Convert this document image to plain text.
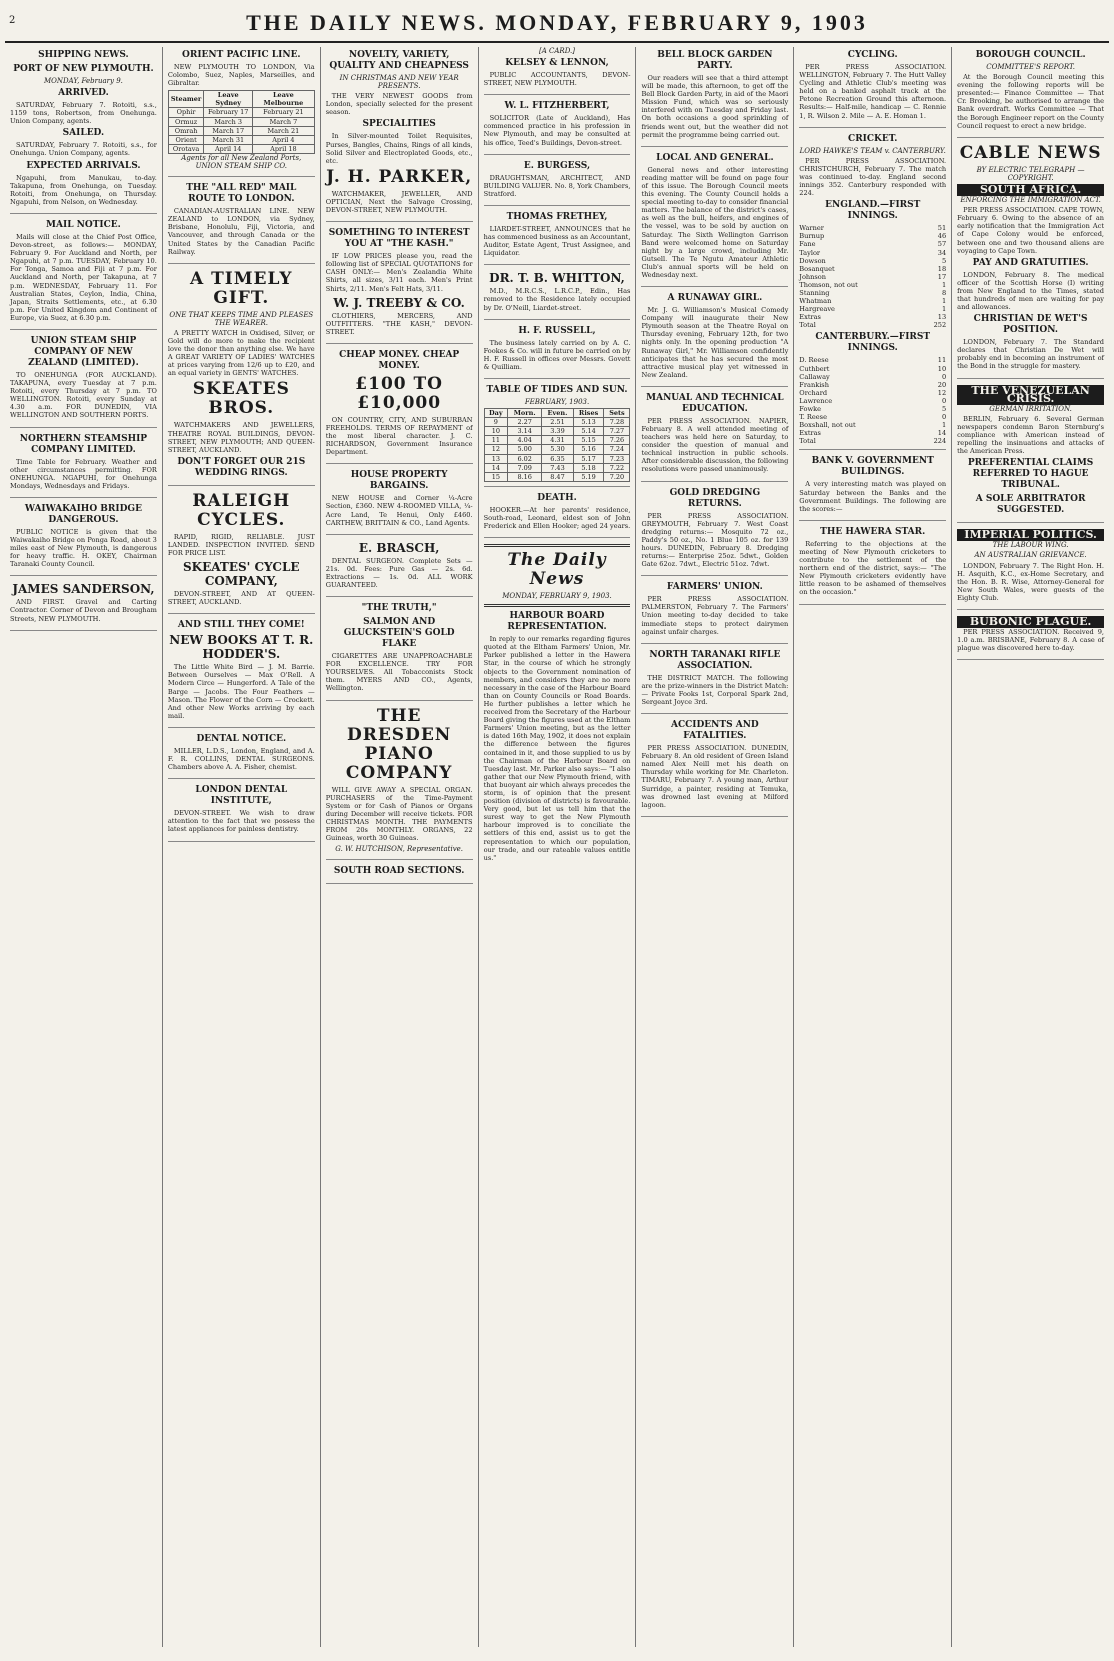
2	THE DAILY NEWS. MONDAY, FEBRUARY 9, 1903
SHIPPING NEWS.
PORT OF NEW PLYMOUTH.
MONDAY, February 9.
ARRIVED.

SATURDAY, February 7. Rotoiti, s.s., 1159 tons, Robertson, from Onehunga. Union Company, agents.

SAILED.

SATURDAY, February 7. Rotoiti, s.s., for Onehunga. Union Company, agents.

EXPECTED ARRIVALS.

Ngapuhi, from Manukau, to-day. Takapuna, from Onehunga, on Tuesday. Rotoiti, from Onehunga, on Thursday. Ngapuhi, from Nelson, on Wednesday.

MAIL NOTICE.

Mails will close at the Chief Post Office, Devon-street, as follows:— MONDAY, February 9. For Auckland and North, per Ngapuhi, at 7 p.m. TUESDAY, February 10. For Tonga, Samoa and Fiji at 7 p.m. For Auckland and North, per Takapuna, at 7 p.m. WEDNESDAY, February 11. For Australian States, Ceylon, India, China, Japan, Straits Settlements, etc., at 6.30 p.m. For United Kingdom and Continent of Europe, via Suez, at 6.30 p.m.

UNION STEAM SHIP COMPANY OF NEW ZEALAND (LIMITED).

TO ONEHUNGA (FOR AUCKLAND). TAKAPUNA, every Tuesday at 7 p.m. Rotoiti, every Thursday at 7 p.m. TO WELLINGTON. Rotoiti, every Sunday at 4.30 a.m. FOR DUNEDIN, VIA WELLINGTON AND SOUTHERN PORTS.

NORTHERN STEAMSHIP COMPANY LIMITED.

Time Table for February. Weather and other circumstances permitting. FOR ONEHUNGA. NGAPUHI, for Onehunga Mondays, Wednesdays and Fridays.

WAIWAKAIHO BRIDGE DANGEROUS.

PUBLIC NOTICE is given that the Waiwakaiho Bridge on Ponga Road, about 3 miles east of New Plymouth, is dangerous for heavy traffic. H. OKEY, Chairman Taranaki County Council.

JAMES SANDERSON,

AND FIRST. Gravel and Carting Contractor. Corner of Devon and Brougham Streets, NEW PLYMOUTH.

ORIENT PACIFIC LINE.

NEW PLYMOUTH TO LONDON, Via Colombo, Suez, Naples, Marseilles, and Gibraltar.

Steamer	Leave Sydney	Leave Melbourne
Ophir	February 17	February 21
Ormuz	March 3	March 7
Omrah	March 17	March 21
Orient	March 31	April 4
Orotava	April 14	April 18
Agents for all New Zealand Ports, UNION STEAM SHIP CO.
THE "ALL RED" MAIL ROUTE TO LONDON.

CANADIAN-AUSTRALIAN LINE. NEW ZEALAND to LONDON, via Sydney, Brisbane, Honolulu, Fiji, Victoria, and Vancouver, and through Canada or the United States by the Canadian Pacific Railway.

A TIMELY GIFT.
ONE THAT KEEPS TIME AND PLEASES THE WEARER.

A PRETTY WATCH in Oxidised, Silver, or Gold will do more to make the recipient love the donor than anything else. We have A GREAT VARIETY OF LADIES' WATCHES at prices varying from 12/6 up to £20, and an equal variety in GENTS' WATCHES.

SKEATES BROS.

WATCHMAKERS AND JEWELLERS, THEATRE ROYAL BUILDINGS, DEVON-STREET, NEW PLYMOUTH; AND QUEEN-STREET, AUCKLAND.

DON'T FORGET OUR 21S WEDDING RINGS.
RALEIGH CYCLES.

RAPID, RIGID, RELIABLE. JUST LANDED. INSPECTION INVITED. SEND FOR PRICE LIST.

SKEATES' CYCLE COMPANY,

DEVON-STREET, AND AT QUEEN-STREET, AUCKLAND.

AND STILL THEY COME!
NEW BOOKS AT T. R. HODDER'S.

The Little White Bird — J. M. Barrie. Between Ourselves — Max O'Rell. A Modern Circe — Hungerford. A Tale of the Barge — Jacobs. The Four Feathers — Mason. The Flower of the Corn — Crockett. And other New Works arriving by each mail.

DENTAL NOTICE.

MILLER, L.D.S., London, England, and A. F. R. COLLINS, DENTAL SURGEONS. Chambers above A. A. Fisher, chemist.

LONDON DENTAL INSTITUTE,

DEVON-STREET. We wish to draw attention to the fact that we possess the latest appliances for painless dentistry.

NOVELTY, VARIETY, QUALITY AND CHEAPNESS
IN CHRISTMAS AND NEW YEAR PRESENTS.

THE VERY NEWEST GOODS from London, specially selected for the present season.

SPECIALITIES

In Silver-mounted Toilet Requisites, Purses, Bangles, Chains, Rings of all kinds, Solid Silver and Electroplated Goods, etc., etc.

J. H. PARKER,

WATCHMAKER, JEWELLER, AND OPTICIAN, Next the Salvage Crossing, DEVON-STREET, NEW PLYMOUTH.

SOMETHING TO INTEREST YOU AT "THE KASH."

IF LOW PRICES please you, read the following list of SPECIAL QUOTATIONS for CASH ONLY:— Men's Zealandia White Shirts, all sizes, 3/11 each. Men's Print Shirts, 2/11. Men's Felt Hats, 3/11.

W. J. TREEBY & CO.

CLOTHIERS, MERCERS, AND OUTFITTERS. "THE KASH," DEVON-STREET.

CHEAP MONEY. CHEAP MONEY.
£100 TO £10,000

ON COUNTRY, CITY, AND SUBURBAN FREEHOLDS. TERMS OF REPAYMENT of the most liberal character. J. C. RICHARDSON, Government Insurance Department.

HOUSE PROPERTY BARGAINS.

NEW HOUSE and Corner ¼-Acre Section, £360. NEW 4-ROOMED VILLA, ¼-Acre Land, Te Henui, Only £460. CARTHEW, BRITTAIN & CO., Land Agents.

E. BRASCH,

DENTAL SURGEON. Complete Sets — 21s. 0d. Fees: Pure Gas — 2s. 6d. Extractions — 1s. 0d. ALL WORK GUARANTEED.

"THE TRUTH,"
SALMON AND GLUCKSTEIN'S GOLD FLAKE

CIGARETTES ARE UNAPPROACHABLE FOR EXCELLENCE. TRY FOR YOURSELVES. All Tobacconists Stock them. MYERS AND CO., Agents, Wellington.

THE DRESDEN PIANO COMPANY

WILL GIVE AWAY A SPECIAL ORGAN. PURCHASERS of the Time-Payment System or for Cash of Pianos or Organs during December will receive tickets. FOR CHRISTMAS MONTH. THE PAYMENTS FROM 20s MONTHLY. ORGANS, 22 Guineas, worth 30 Guineas.

G. W. HUTCHISON, Representative.
SOUTH ROAD SECTIONS.
[A CARD.]
KELSEY & LENNON,

PUBLIC ACCOUNTANTS, DEVON-STREET, NEW PLYMOUTH.

W. L. FITZHERBERT,

SOLICITOR (Late of Auckland), Has commenced practice in his profession in New Plymouth, and may be consulted at his office, Teed's Buildings, Devon-street.

E. BURGESS,

DRAUGHTSMAN, ARCHITECT, AND BUILDING VALUER. No. 8, York Chambers, Stratford.

THOMAS FRETHEY,

LIARDET-STREET, ANNOUNCES that he has commenced business as an Accountant, Auditor, Estate Agent, Trust Assignee, and Liquidator.

DR. T. B. WHITTON,

M.D., M.R.C.S., L.R.C.P., Edin., Has removed to the Residence lately occupied by Dr. O'Neill, Liardet-street.

H. F. RUSSELL,

The business lately carried on by A. C. Fookes & Co. will in future be carried on by H. F. Russell in offices over Messrs. Govett & Quilliam.

TABLE OF TIDES AND SUN.
FEBRUARY, 1903.
Day	Morn.	Even.	Rises	Sets
9	2.27	2.51	5.13	7.28
10	3.14	3.39	5.14	7.27
11	4.04	4.31	5.15	7.26
12	5.00	5.30	5.16	7.24
13	6.02	6.35	5.17	7.23
14	7.09	7.43	5.18	7.22
15	8.16	8.47	5.19	7.20
DEATH.

HOOKER.—At her parents' residence, South-road, Leonard, eldest son of John Frederick and Ellen Hooker; aged 24 years.

The Daily News
MONDAY, FEBRUARY 9, 1903.
HARBOUR BOARD REPRESENTATION.

In reply to our remarks regarding figures quoted at the Eltham Farmers' Union, Mr. Parker published a letter in the Hawera Star, in the course of which he strongly objects to the Government nomination of members, and considers they are no more necessary in the case of the Harbour Board than on County Councils or Road Boards. He further publishes a letter which he received from the Secretary of the Harbour Board giving the figures used at the Eltham Farmers' Union meeting, but as the letter is dated 16th May, 1902, it does not explain the difference between the figures contained in it, and those supplied to us by the Chairman of the Harbour Board on Tuesday last. Mr. Parker also says:— "I also gather that our New Plymouth friend, with that buoyant air which always precedes the storm, is of opinion that the present position (division of districts) is favourable. Very good, but let us tell him that the surest way to get the New Plymouth harbour improved is to conciliate the settlers of this end, assist us to get the representation to which our population, our trade, and our rateable values entitle us."

BELL BLOCK GARDEN PARTY.

Our readers will see that a third attempt will be made, this afternoon, to get off the Bell Block Garden Party, in aid of the Maori Mission Fund, which was so seriously interfered with on Tuesday and Friday last. On both occasions a good sprinkling of friends went out, but the weather did not permit the programme being carried out.

LOCAL AND GENERAL.

General news and other interesting reading matter will be found on page four of this issue. The Borough Council meets this evening. The County Council holds a special meeting to-day to consider financial matters. The balance of the district's cases, as well as the bull, heifers, and engines of the vessel, was to be sold by auction on Saturday. The Sixth Wellington Garrison Band were welcomed home on Saturday night by a large crowd, including Mr. Gutsell. The Te Ngutu Amateur Athletic Club's annual sports will be held on Wednesday next.

A RUNAWAY GIRL.

Mr. J. G. Williamson's Musical Comedy Company will inaugurate their New Plymouth season at the Theatre Royal on Thursday evening, February 12th, for two nights only. In the opening production "A Runaway Girl," Mr. Williamson confidently anticipates that he has secured the most attractive musical play yet witnessed in New Zealand.

MANUAL AND TECHNICAL EDUCATION.

PER PRESS ASSOCIATION. NAPIER, February 8. A well attended meeting of teachers was held here on Saturday, to consider the question of manual and technical instruction in public schools. After considerable discussion, the following resolutions were passed unanimously.

GOLD DREDGING RETURNS.

PER PRESS ASSOCIATION. GREYMOUTH, February 7. West Coast dredging returns:— Mosquito 72 oz., Paddy's 50 oz., No. 1 Blue 105 oz. for 139 hours. DUNEDIN, February 8. Dredging returns:— Enterprise 25oz. 5dwt., Golden Gate 62oz. 7dwt., Electric 51oz. 7dwt.

FARMERS' UNION.

PER PRESS ASSOCIATION. PALMERSTON, February 7. The Farmers' Union meeting to-day decided to take immediate steps to protect dairymen against unfair charges.

NORTH TARANAKI RIFLE ASSOCIATION.

THE DISTRICT MATCH. The following are the prize-winners in the District Match:— Private Fooks 1st, Corporal Spark 2nd, Sergeant Joyce 3rd.

ACCIDENTS AND FATALITIES.

PER PRESS ASSOCIATION. DUNEDIN, February 8. An old resident of Green Island named Alex Neill met his death on Thursday while working for Mr. Charleton. TIMARU, February 7. A young man, Arthur Surridge, a painter, residing at Temuka, was drowned last evening at Milford lagoon.

CYCLING.

PER PRESS ASSOCIATION. WELLINGTON, February 7. The Hutt Valley Cycling and Athletic Club's meeting was held on a banked asphalt track at the Petone Recreation Ground this afternoon. Results:— Half-mile, handicap — C. Rennie 1, R. Wilson 2. Mile — A. E. Homan 1.

CRICKET.
LORD HAWKE'S TEAM v. CANTERBURY.

PER PRESS ASSOCIATION. CHRISTCHURCH, February 7. The match was continued to-day. England second innings 352. Canterbury responded with 224.

ENGLAND.—FIRST INNINGS.
Warner	51
Burnup	46
Fane	57
Taylor	34
Dowson	5
Bosanquet	18
Johnson	17
Thomson, not out	1
Stanning	8
Whatman	1
Hargreave	1
Extras	13
Total	252
CANTERBURY.—FIRST INNINGS.
D. Reese	11
Cuthbert	10
Callaway	0
Frankish	20
Orchard	12
Lawrence	0
Fowke	5
T. Reese	0
Boxshall, not out	1
Extras	14
Total	224
BANK V. GOVERNMENT BUILDINGS.

A very interesting match was played on Saturday between the Banks and the Government Buildings. The following are the scores:—

THE HAWERA STAR.

Referring to the objections at the meeting of New Plymouth cricketers to contribute to the settlement of the northern end of the district, says:— "The New Plymouth cricketers evidently have little reason to be ashamed of themselves on the occasion."

BOROUGH COUNCIL.
COMMITTEE'S REPORT.

At the Borough Council meeting this evening the following reports will be presented:— Finance Committee — That Cr. Brooking, be authorised to arrange the Bank overdraft. Works Committee — That the Borough Engineer report on the County Council request to erect a new bridge.

CABLE NEWS
BY ELECTRIC TELEGRAPH — COPYRIGHT.
SOUTH AFRICA.
ENFORCING THE IMMIGRATION ACT.

PER PRESS ASSOCIATION. CAPE TOWN, February 6. Owing to the absence of an early notification that the Immigration Act of Cape Colony would be enforced, between one and two thousand aliens are voyaging to Cape Town.

PAY AND GRATUITIES.

LONDON, February 8. The medical officer of the Scottish Horse (I) writing from New England to the Times, stated that hundreds of men are waiting for pay and allowances.

CHRISTIAN DE WET'S POSITION.

LONDON, February 7. The Standard declares that Christian De Wet will probably end in becoming an instrument of the Bond in the struggle for mastery.

THE VENEZUELAN CRISIS.
GERMAN IRRITATION.

BERLIN, February 6. Several German newspapers condemn Baron Sternburg's compliance with American instead of repelling the insinuations and attacks of the American Press.

PREFERENTIAL CLAIMS REFERRED TO HAGUE TRIBUNAL.
A SOLE ARBITRATOR SUGGESTED.
IMPERIAL POLITICS.
THE LABOUR WING.
AN AUSTRALIAN GRIEVANCE.

LONDON, February 7. The Right Hon. H. H. Asquith, K.C., ex-Home Secretary, and the Hon. B. R. Wise, Attorney-General for New South Wales, were guests of the Eighty Club.

BUBONIC PLAGUE.

PER PRESS ASSOCIATION. Received 9, 1.0 a.m. BRISBANE, February 8. A case of plague was discovered here to-day.
